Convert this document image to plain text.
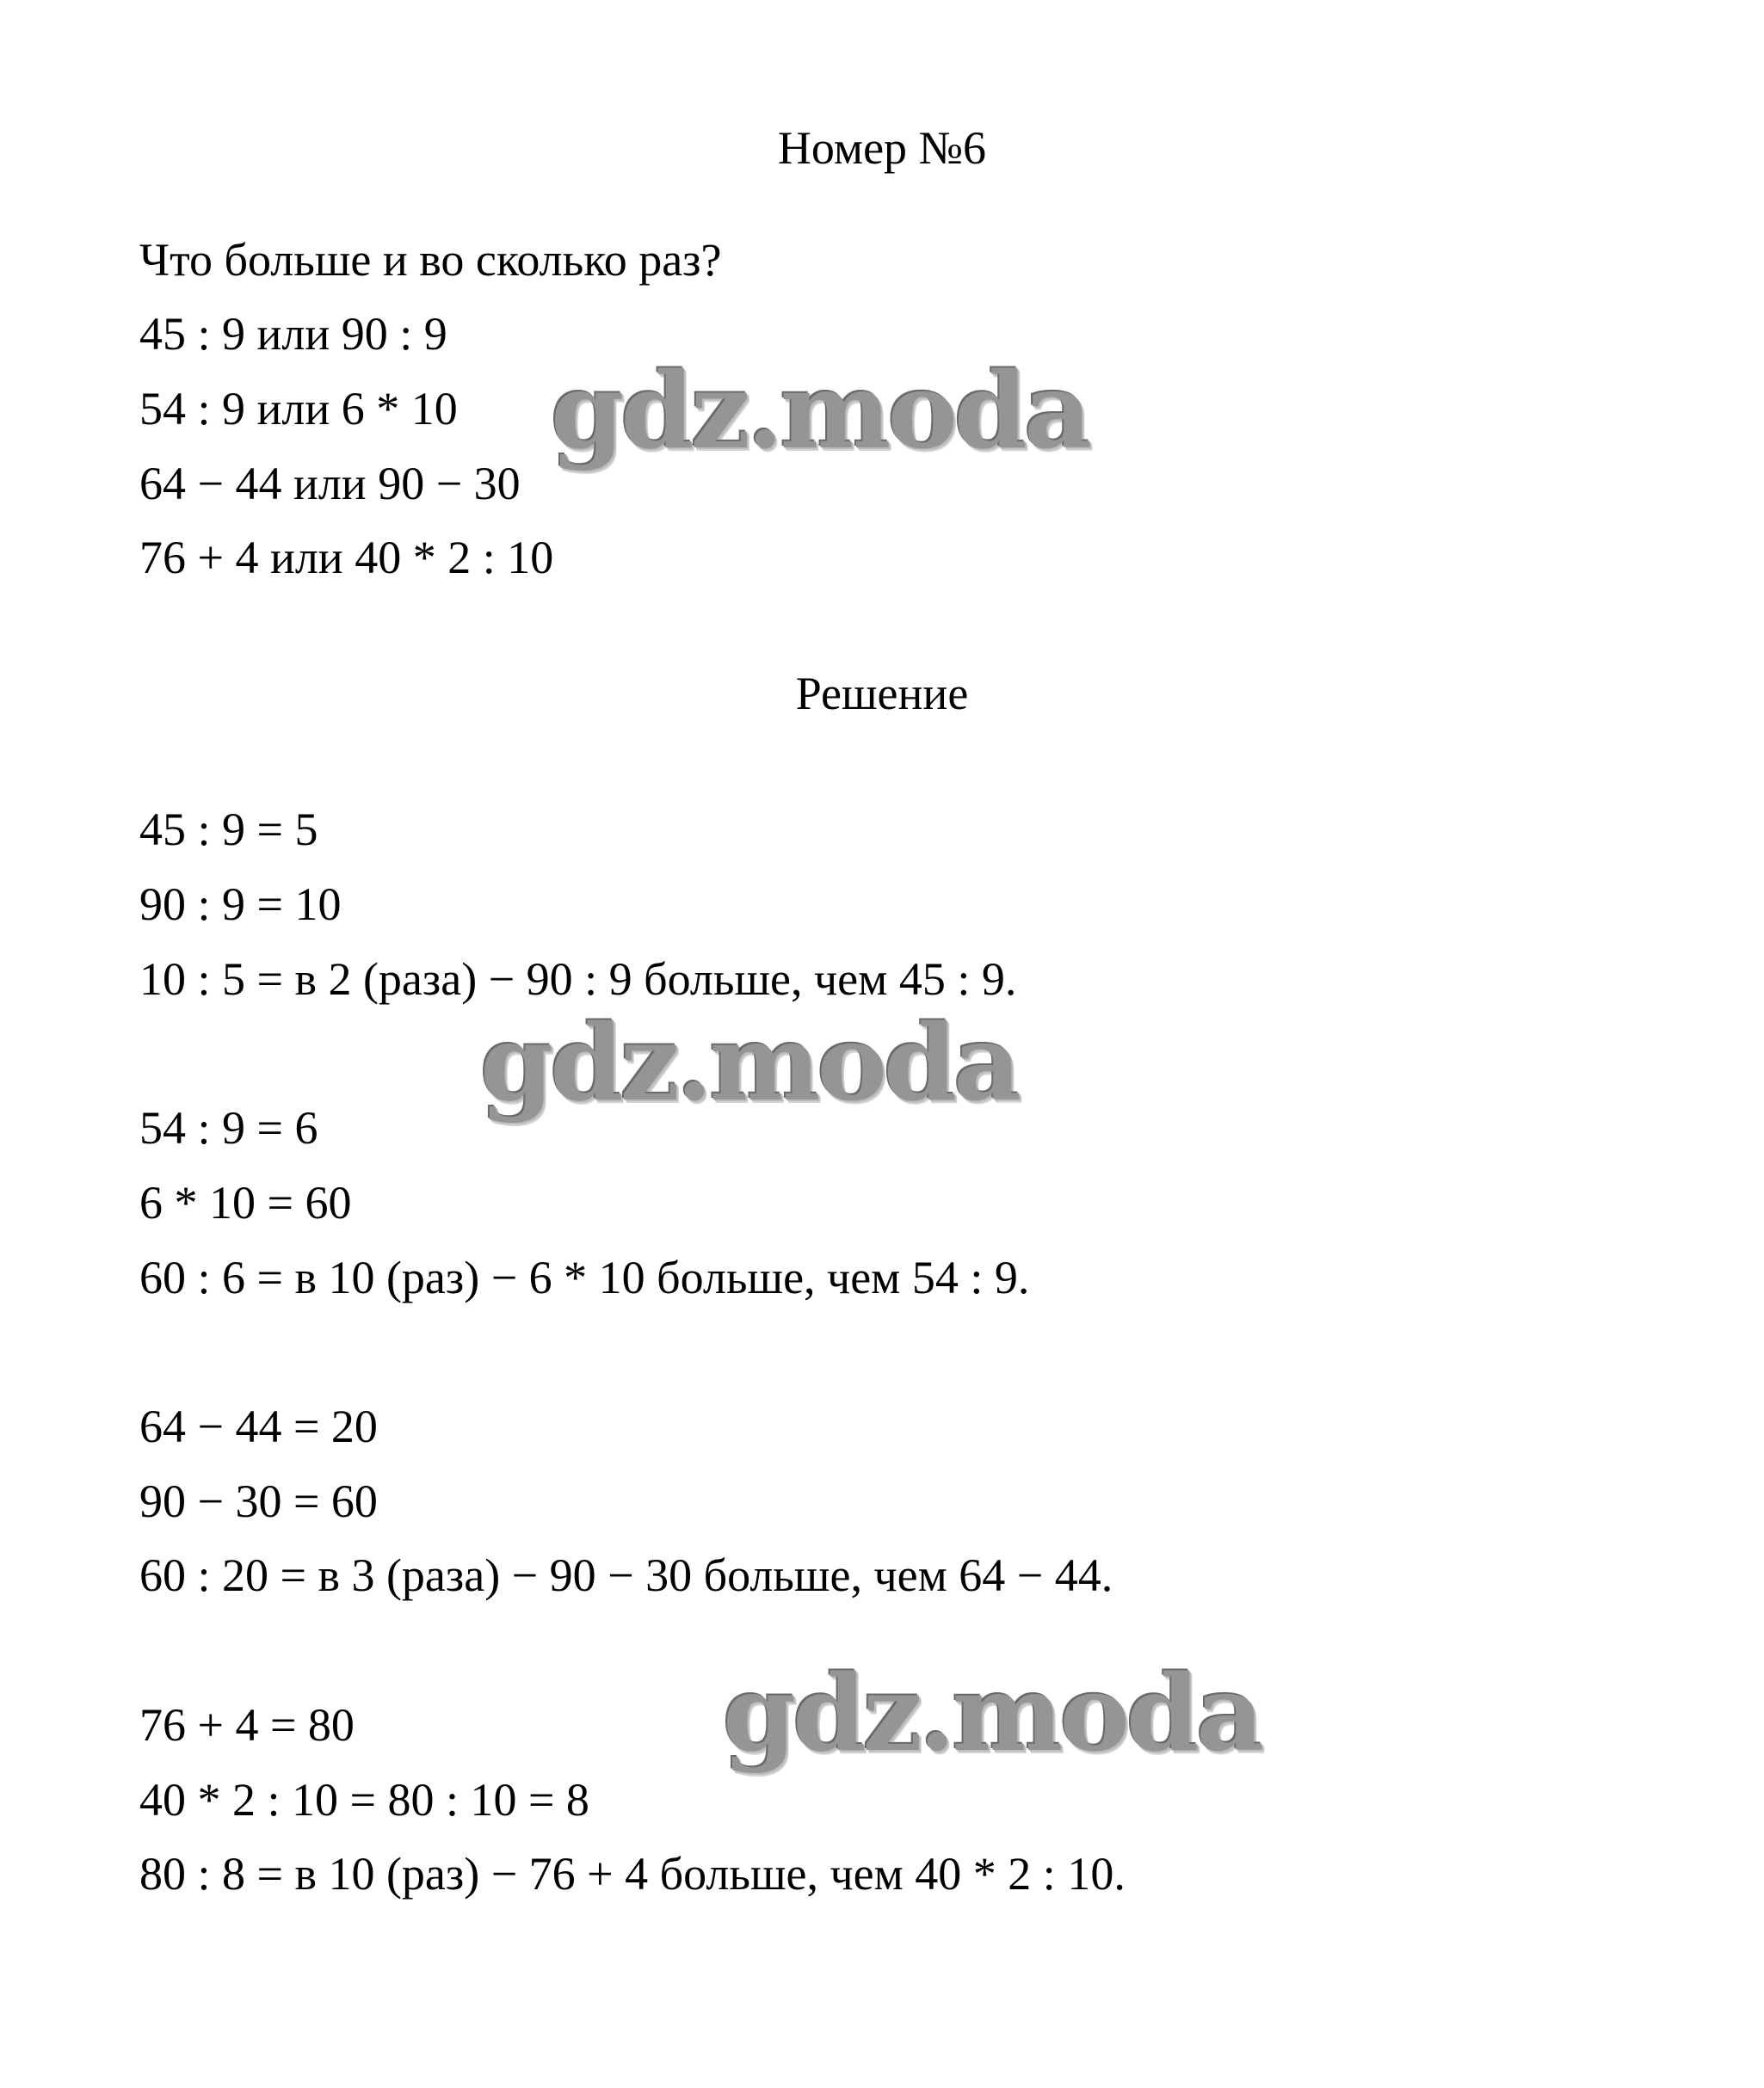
Номер №6
Что больше и во сколько раз?
45 : 9 или 90 : 9
54 : 9 или 6 * 10
64 − 44 или 90 − 30
76 + 4 или 40 * 2 : 10
Решение
45 : 9 = 5
90 : 9 = 10
10 : 5 = в 2 (раза) − 90 : 9 больше, чем 45 : 9.
54 : 9 = 6
6 * 10 = 60
60 : 6 = в 10 (раз) − 6 * 10 больше, чем 54 : 9.
64 − 44 = 20
90 − 30 = 60
60 : 20 = в 3 (раза) − 90 − 30 больше, чем 64 − 44.
76 + 4 = 80
40 * 2 : 10 = 80 : 10 = 8
80 : 8 = в 10 (раз) − 76 + 4 больше, чем 40 * 2 : 10.
gdz.moda
gdz.moda
gdz.moda
